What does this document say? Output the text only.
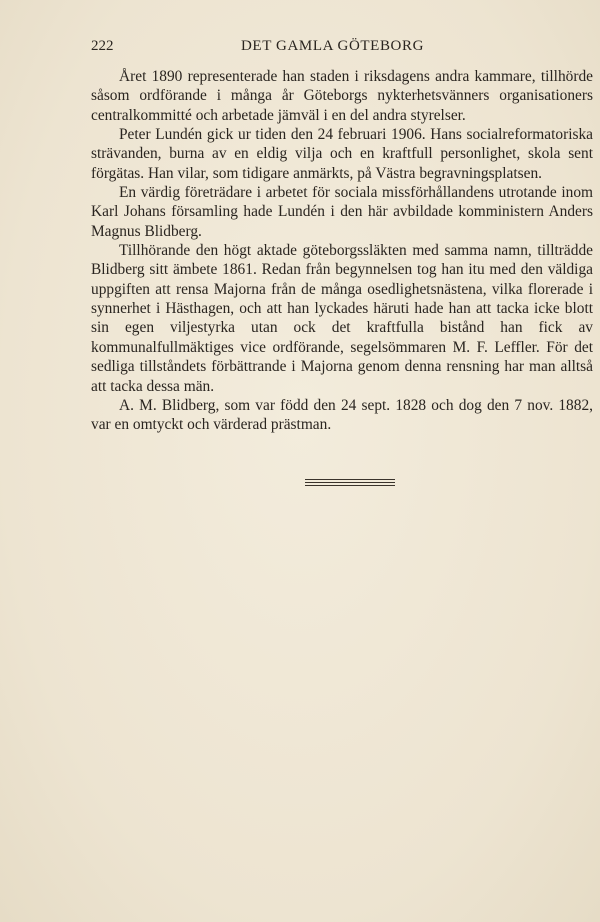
222	DET GAMLA GÖTEBORG

Året 1890 representerade han staden i riksdagens andra kammare, tillhörde såsom ordförande i många år Göteborgs nykterhetsvänners organisationers centralkommitté och arbetade jämväl i en del andra styrelser.

Peter Lundén gick ur tiden den 24 februari 1906. Hans socialreformatoriska strävanden, burna av en eldig vilja och en kraftfull personlighet, skola sent förgätas. Han vilar, som tidigare anmärkts, på Västra begravningsplatsen.

En värdig företrädare i arbetet för sociala missförhållandens utrotande inom Karl Johans församling hade Lundén i den här avbildade komministern Anders Magnus Blidberg.

Tillhörande den högt aktade göteborgssläkten med samma namn, tillträdde Blidberg sitt ämbete 1861. Redan från begynnelsen tog han itu med den väldiga uppgiften att rensa Majorna från de många osedlighetsnästena, vilka florerade i synnerhet i Hästhagen, och att han lyckades häruti hade han att tacka icke blott sin egen viljestyrka utan ock det kraftfulla bistånd han fick av kommunalfullmäktiges vice ordförande, segelsömmaren M. F. Leffler. För det sedliga tillståndets förbättrande i Majorna genom denna rensning har man alltså att tacka dessa män.

A. M. Blidberg, som var född den 24 sept. 1828 och dog den 7 nov. 1882, var en omtyckt och värderad prästman.
